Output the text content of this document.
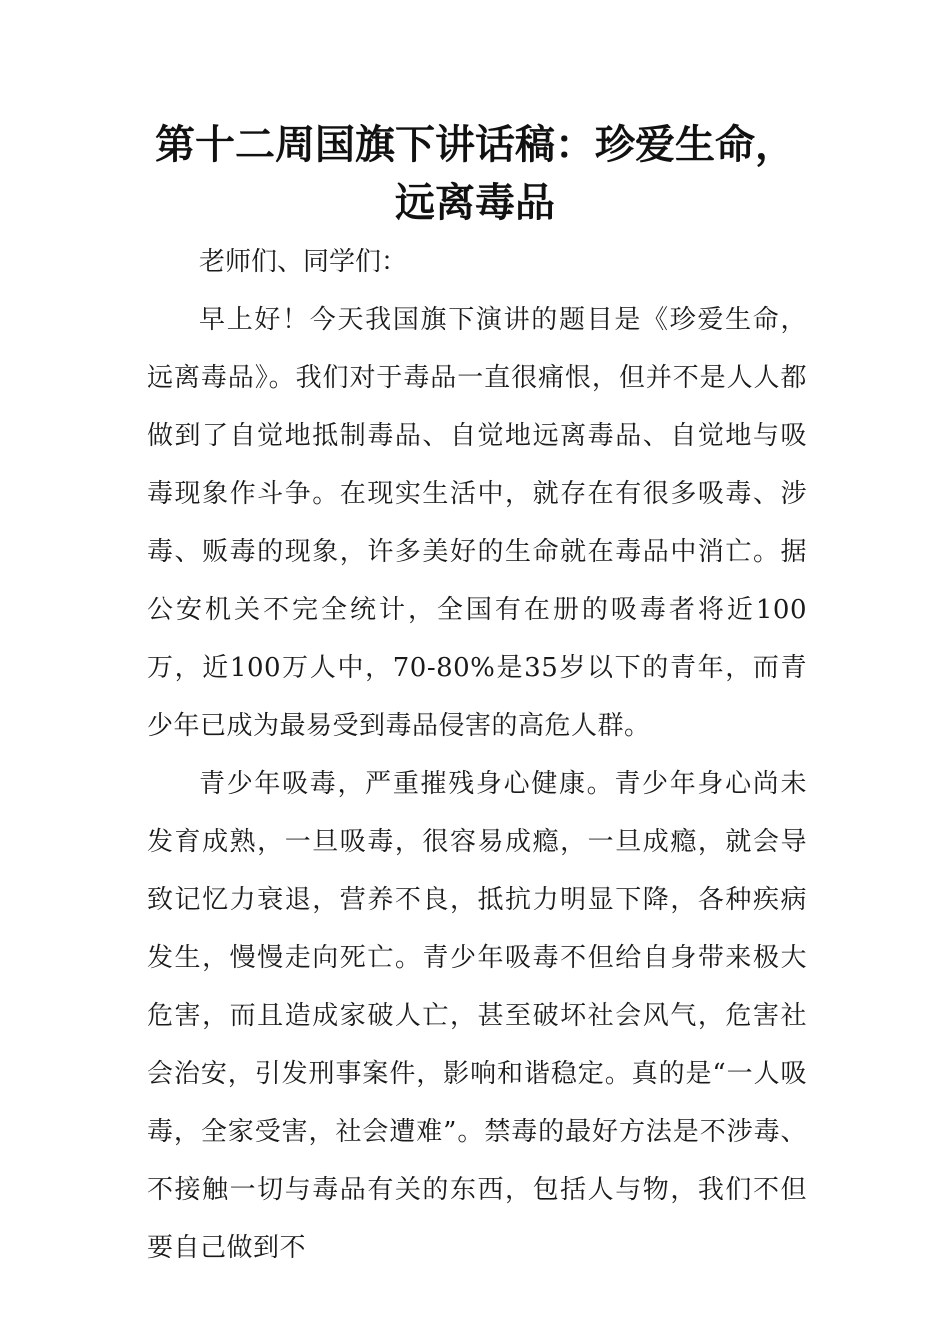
第十二周国旗下讲话稿：珍爱生命，远离毒品

老师们、同学们：

早上好！今天我国旗下演讲的题目是《珍爱生命，远离毒品》。我们对于毒品一直很痛恨，但并不是人人都做到了自觉地抵制毒品、自觉地远离毒品、自觉地与吸毒现象作斗争。在现实生活中，就存在有很多吸毒、涉毒、贩毒的现象，许多美好的生命就在毒品中消亡。据公安机关不完全统计，全国有在册的吸毒者将近100万，近100万人中，70-80%是35岁以下的青年，而青少年已成为最易受到毒品侵害的高危人群。

青少年吸毒，严重摧残身心健康。青少年身心尚未发育成熟，一旦吸毒，很容易成瘾，一旦成瘾，就会导致记忆力衰退，营养不良，抵抗力明显下降，各种疾病发生，慢慢走向死亡。青少年吸毒不但给自身带来极大危害，而且造成家破人亡，甚至破坏社会风气，危害社会治安，引发刑事案件，影响和谐稳定。真的是“一人吸毒，全家受害，社会遭难”。禁毒的最好方法是不涉毒、不接触一切与毒品有关的东西，包括人与物，我们不但要自己做到不
